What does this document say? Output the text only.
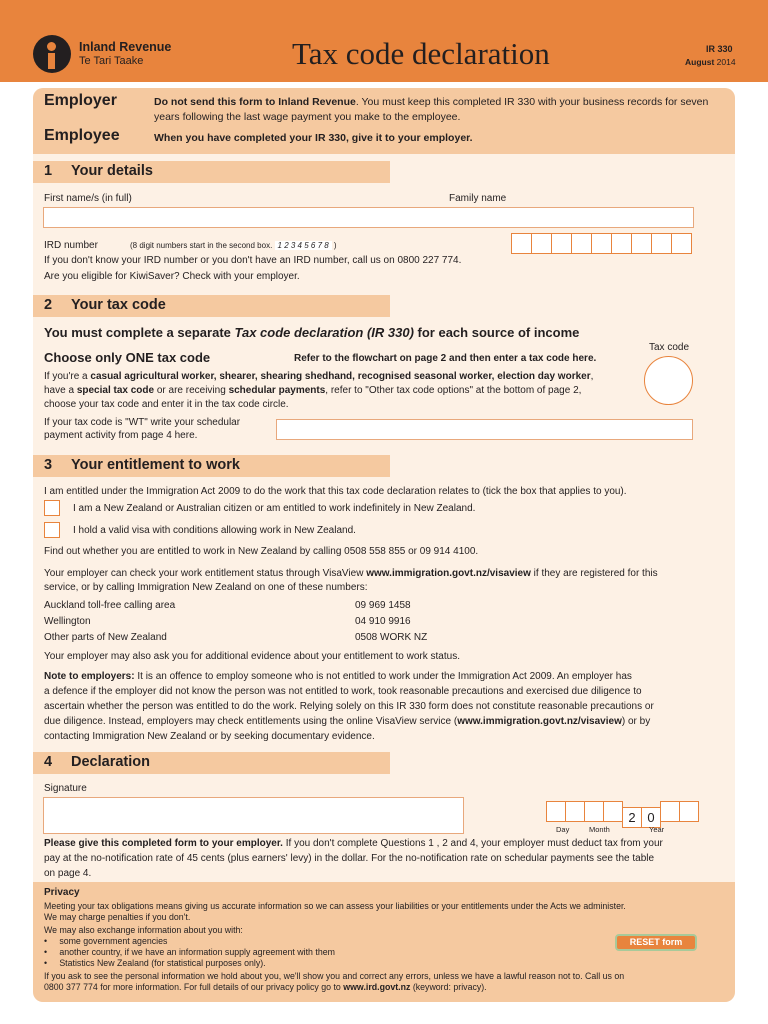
Inland Revenue
Te Tari Taake	Tax code declaration	IR 330
August 2014
Employer
Employee
Do not send this form to Inland Revenue. You must keep this completed IR 330 with your business records for seven years following the last wage payment you make to the employee.
When you have completed your IR 330, give it to your employer.
1 Your details
First name/s (in full)	Family name
IRD number	(8 digit numbers start in the second box. 1 2 3 4 5 6 7 8 )
If you don't know your IRD number or you don't have an IRD number, call us on 0800 227 774.
Are you eligible for KiwiSaver? Check with your employer.
2 Your tax code
You must complete a separate Tax code declaration (IR 330) for each source of income
Tax code
Choose only ONE tax code	Refer to the flowchart on page 2 and then enter a tax code here.
If you're a casual agricultural worker, shearer, shearing shedhand, recognised seasonal worker, election day worker,
have a special tax code or are receiving schedular payments, refer to "Other tax code options" at the bottom of page 2,
choose your tax code and enter it in the tax code circle.
If your tax code is "WT" write your schedular
payment activity from page 4 here.
3 Your entitlement to work
I am entitled under the Immigration Act 2009 to do the work that this tax code declaration relates to (tick the box that applies to you).
I am a New Zealand or Australian citizen or am entitled to work indefinitely in New Zealand.
I hold a valid visa with conditions allowing work in New Zealand.
Find out whether you are entitled to work in New Zealand by calling 0508 558 855 or 09 914 4100.
Your employer can check your work entitlement status through VisaView www.immigration.govt.nz/visaview if they are registered for this
service, or by calling Immigration New Zealand on one of these numbers:
Auckland toll-free calling area	09 969 1458
Wellington	04 910 9916
Other parts of New Zealand	0508 WORK NZ
Your employer may also ask you for additional evidence about your entitlement to work status.
Note to employers: It is an offence to employ someone who is not entitled to work under the Immigration Act 2009. An employer has
a defence if the employer did not know the person was not entitled to work, took reasonable precautions and exercised due diligence to
ascertain whether the person was entitled to do the work. Relying solely on this IR 330 form does not constitute reasonable precautions or
due diligence. Instead, employers may check entitlements using the online VisaView service (www.immigration.govt.nz/visaview) or by
contacting Immigration New Zealand or by seeking documentary evidence.
4 Declaration
Signature
2 0
Day	Month	Year
Please give this completed form to your employer. If you don't complete Questions 1 , 2 and 4, your employer must deduct tax from your
pay at the no-notification rate of 45 cents (plus earners' levy) in the dollar. For the no-notification rate on schedular payments see the table
on page 4.
Privacy
Meeting your tax obligations means giving us accurate information so we can assess your liabilities or your entitlements under the Acts we administer.
We may charge penalties if you don't.
We may also exchange information about you with:
•     some government agencies
•     another country, if we have an information supply agreement with them
•     Statistics New Zealand (for statistical purposes only).
If you ask to see the personal information we hold about you, we'll show you and correct any errors, unless we have a lawful reason not to. Call us on
0800 377 774 for more information. For full details of our privacy policy go to www.ird.govt.nz (keyword: privacy).
RESET form
